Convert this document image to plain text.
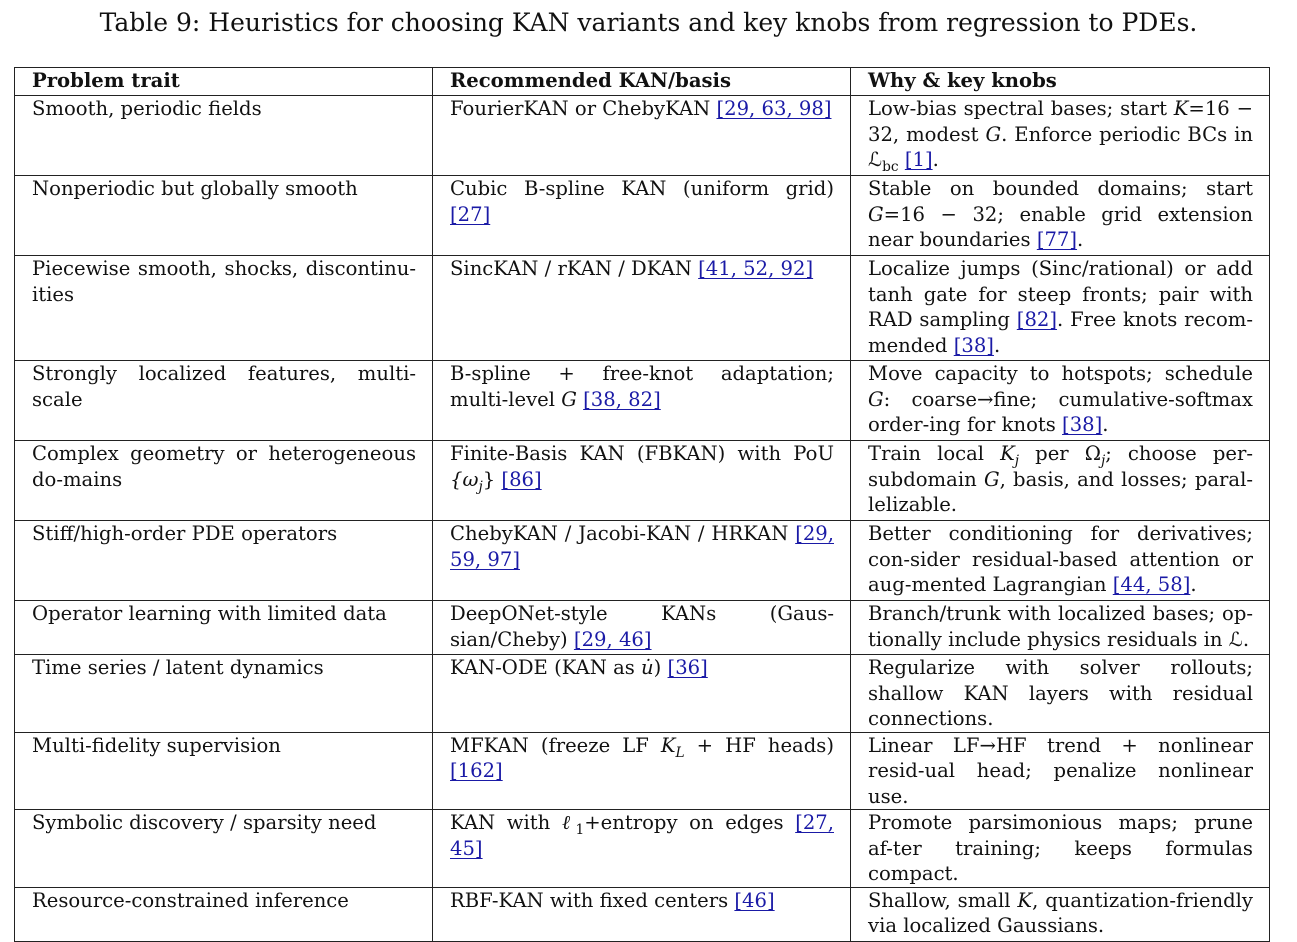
Table 9: Heuristics for choosing KAN variants and key knobs from regression to PDEs.
Problem trait	Recommended KAN/basis	Why & key knobs
Smooth, periodic fields	FourierKAN or ChebyKAN [29, 63, 98]	Low-bias spectral bases; start K=16 − 32, modest G. Enforce periodic BCs in ℒ$_{bc}$ [1].
Nonperiodic but globally smooth	Cubic B-spline KAN (uniform grid) [27]	Stable on bounded domains; start G=16 − 32; enable grid extension near boundaries [77].
Piecewise smooth, shocks, discontinu-ities	SincKAN / rKAN / DKAN [41, 52, 92]	Localize jumps (Sinc/rational) or add tanh gate for steep fronts; pair with RAD sampling [82]. Free knots recom-mended [38].
Strongly localized features, multi-scale	B-spline + free-knot adaptation; multi-level G [38, 82]	Move capacity to hotspots; schedule G: coarse→fine; cumulative-softmax order-ing for knots [38].
Complex geometry or heterogeneous do-mains	Finite-Basis KAN (FBKAN) with PoU $\{\omega_j\}$ [86]	Train local $K_j$ per $\Omega_j$; choose per-subdomain G, basis, and losses; paral-lelizable.
Stiff/high-order PDE operators	ChebyKAN / Jacobi-KAN / HRKAN [29, 59, 97]	Better conditioning for derivatives; con-sider residual-based attention or aug-mented Lagrangian [44, 58].
Operator learning with limited data	DeepONet-style KANs (Gaus-sian/Cheby) [29, 46]	Branch/trunk with localized bases; op-tionally include physics residuals in ℒ.
Time series / latent dynamics	KAN-ODE (KAN as u̇) [36]	Regularize with solver rollouts; shallow KAN layers with residual connections.
Multi-fidelity supervision	MFKAN (freeze LF $K_L$ + HF heads) [162]	Linear LF→HF trend + nonlinear resid-ual head; penalize nonlinear use.
Symbolic discovery / sparsity need	KAN with ℓ$_1$+entropy on edges [27, 45]	Promote parsimonious maps; prune af-ter training; keeps formulas compact.
Resource-constrained inference	RBF-KAN with fixed centers [46]	Shallow, small K, quantization-friendly via localized Gaussians.
